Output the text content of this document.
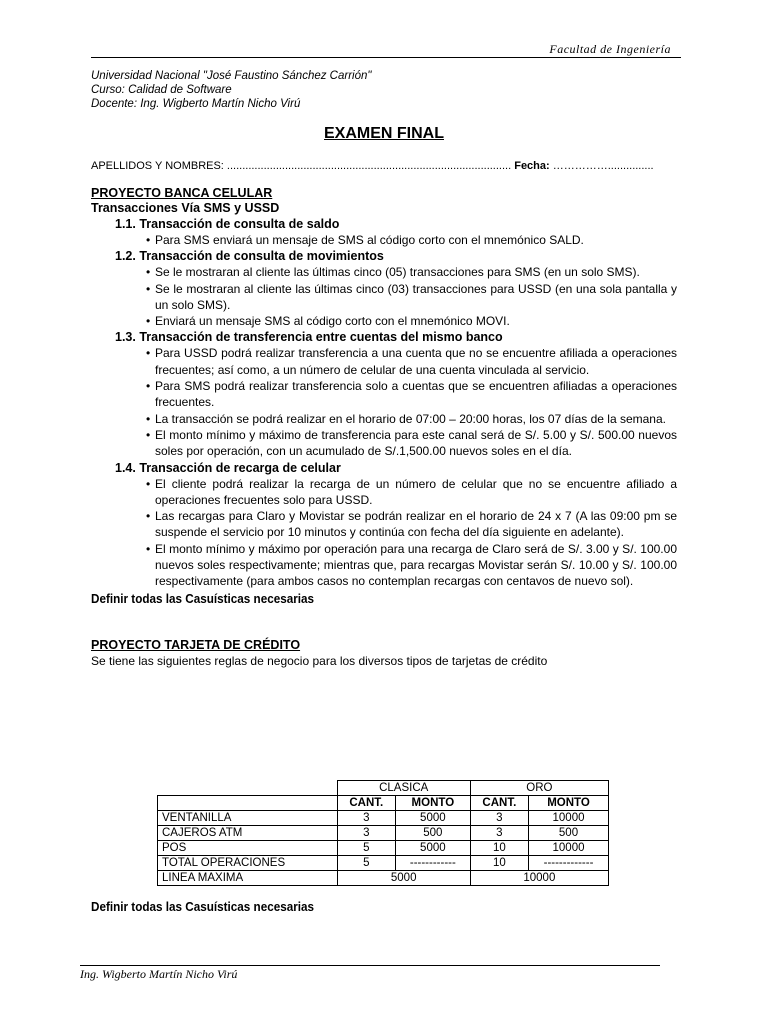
Facultad de Ingeniería
Universidad Nacional "José Faustino Sánchez Carrión"
Curso: Calidad de Software
Docente: Ing. Wigberto Martín Nicho Virú
EXAMEN FINAL
APELLIDOS Y NOMBRES: ............................................................................................. Fecha: ……………...............
PROYECTO BANCA CELULAR
Transacciones Vía SMS y USSD
1.1. Transacción de consulta de saldo
• Para SMS enviará un mensaje de SMS al código corto con el mnemónico SALD.
1.2. Transacción de consulta de movimientos
• Se le mostraran al cliente las últimas cinco (05) transacciones para SMS (en un solo SMS).
• Se le mostraran al cliente las últimas cinco (03) transacciones para USSD (en una sola pantalla y un solo SMS).
• Enviará un mensaje SMS al código corto con el mnemónico MOVI.
1.3. Transacción de transferencia entre cuentas del mismo banco
• Para USSD podrá realizar transferencia a una cuenta que no se encuentre afiliada a operaciones frecuentes; así como, a un número de celular de una cuenta vinculada al servicio.
• Para SMS podrá realizar transferencia solo a cuentas que se encuentren afiliadas a operaciones frecuentes.
• La transacción se podrá realizar en el horario de 07:00 – 20:00 horas, los 07 días de la semana.
• El monto mínimo y máximo de transferencia para este canal será de S/. 5.00 y S/. 500.00 nuevos soles por operación, con un acumulado de S/.1,500.00 nuevos soles en el día.
1.4. Transacción de recarga de celular
• El cliente podrá realizar la recarga de un número de celular que no se encuentre afiliado a operaciones frecuentes solo para USSD.
• Las recargas para Claro y Movistar se podrán realizar en el horario de 24 x 7 (A las 09:00 pm se suspende el servicio por 10 minutos y continúa con fecha del día siguiente en adelante).
• El monto mínimo y máximo por operación para una recarga de Claro será de S/. 3.00 y S/. 100.00 nuevos soles respectivamente; mientras que, para recargas Movistar serán S/. 10.00 y S/. 100.00 respectivamente (para ambos casos no contemplan recargas con centavos de nuevo sol).
Definir todas las Casuísticas necesarias
PROYECTO TARJETA DE CRÉDITO
Se tiene las siguientes reglas de negocio para los diversos tipos de tarjetas de crédito
	CLASICA		ORO	
	CANT.	MONTO	CANT.	MONTO
VENTANILLA	3	5000	3	10000
CAJEROS ATM	3	500	3	500
POS	5	5000	10	10000
TOTAL OPERACIONES	5	------------	10	-------------
LINEA MAXIMA	5000		10000	
Definir todas las Casuísticas necesarias
Ing. Wigberto Martín Nicho Virú
